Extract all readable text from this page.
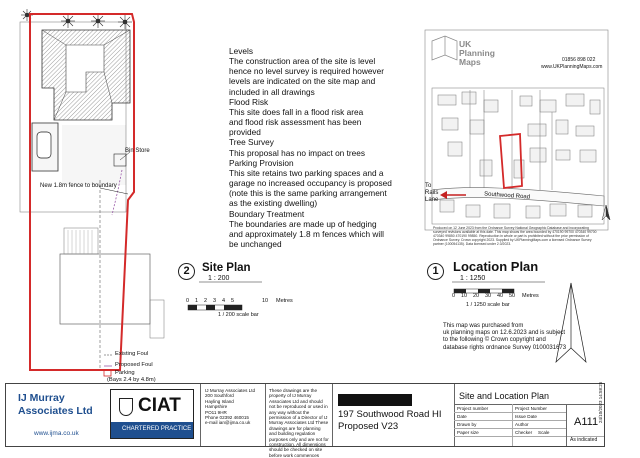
Bin Store
New 1.8m fence to boundary
Levels
The construction area of the site is level
hence no level survey is required however
levels are indicated on the site map and
included in all drawings
Flood Risk
This site does fall in a flood risk area
and flood risk assessment has been
provided
Tree Survey
This proposal has no impact on trees
Parking Provision
This site retains two parking spaces and a
garage no increased occupancy is proposed
(note this is the same parking arrangement
as the existing dwelling)
Boundary Treatment
The boundaries are made up of hedging
and approximately 1.8 m fences which will
be unchanged
UK Planning Maps	01856 898 022
www.UKPlanningMaps.com
To
Rails
Lane	Southwood Road
Produced on 12 June 2023 from the Ordnance Survey National Geographic Database and incorporating surveyed revisions available at this date. This map shows the area bounded by 470190 99700 470340 99700 470340 99850 470190 99850. Reproduction in whole or part is prohibited without the prior permission of Ordnance Survey. Crown copyright 2023. Supplied by UKPlanningMaps.com a licensed Ordnance Survey partner (100054135). Data licensed under 2.0/2023.
2	Site Plan
1 : 200
0 1 2 3 4 5	10 Metres
1 / 200 scale bar
Existing Foul
Proposed Foul
Parking
(Bays 2.4 by 4.8m)
1	Location Plan
1 : 1250
0 10 20 30 40 50 Metres
1 / 1250 scale bar
This map was purchased from
uk planning maps on 12.6.2023 and is subject
to the following © Crown copyright and
database rights ordnance Survey 0100031673
IJ Murray
Associates Ltd
www.ijma.co.uk
CIAT
CHARTERED PRACTICE
IJ Murray Associates Ltd
200 Southford
Hayling Island
Hampshire
PO11 9HR
Phone 02392 460015
e-mail ian@ijma.co.uk
These drawings are the property of IJ Murray Associates Ltd and should not be reproduced or used in any way without the permission of a Director of IJ Murray Associates Ltd These drawings are for planning and building regulation purposes only and are not for construction. All dimensions should be checked on site before work commences
197 Southwood Road HI
Proposed V23
Site and Location Plan
Project number	Project Number
Date	Issue Date
Drawn by	Author
Paper size	Checker Scale
A111
As indicated
24/10/2023 14:58:25
